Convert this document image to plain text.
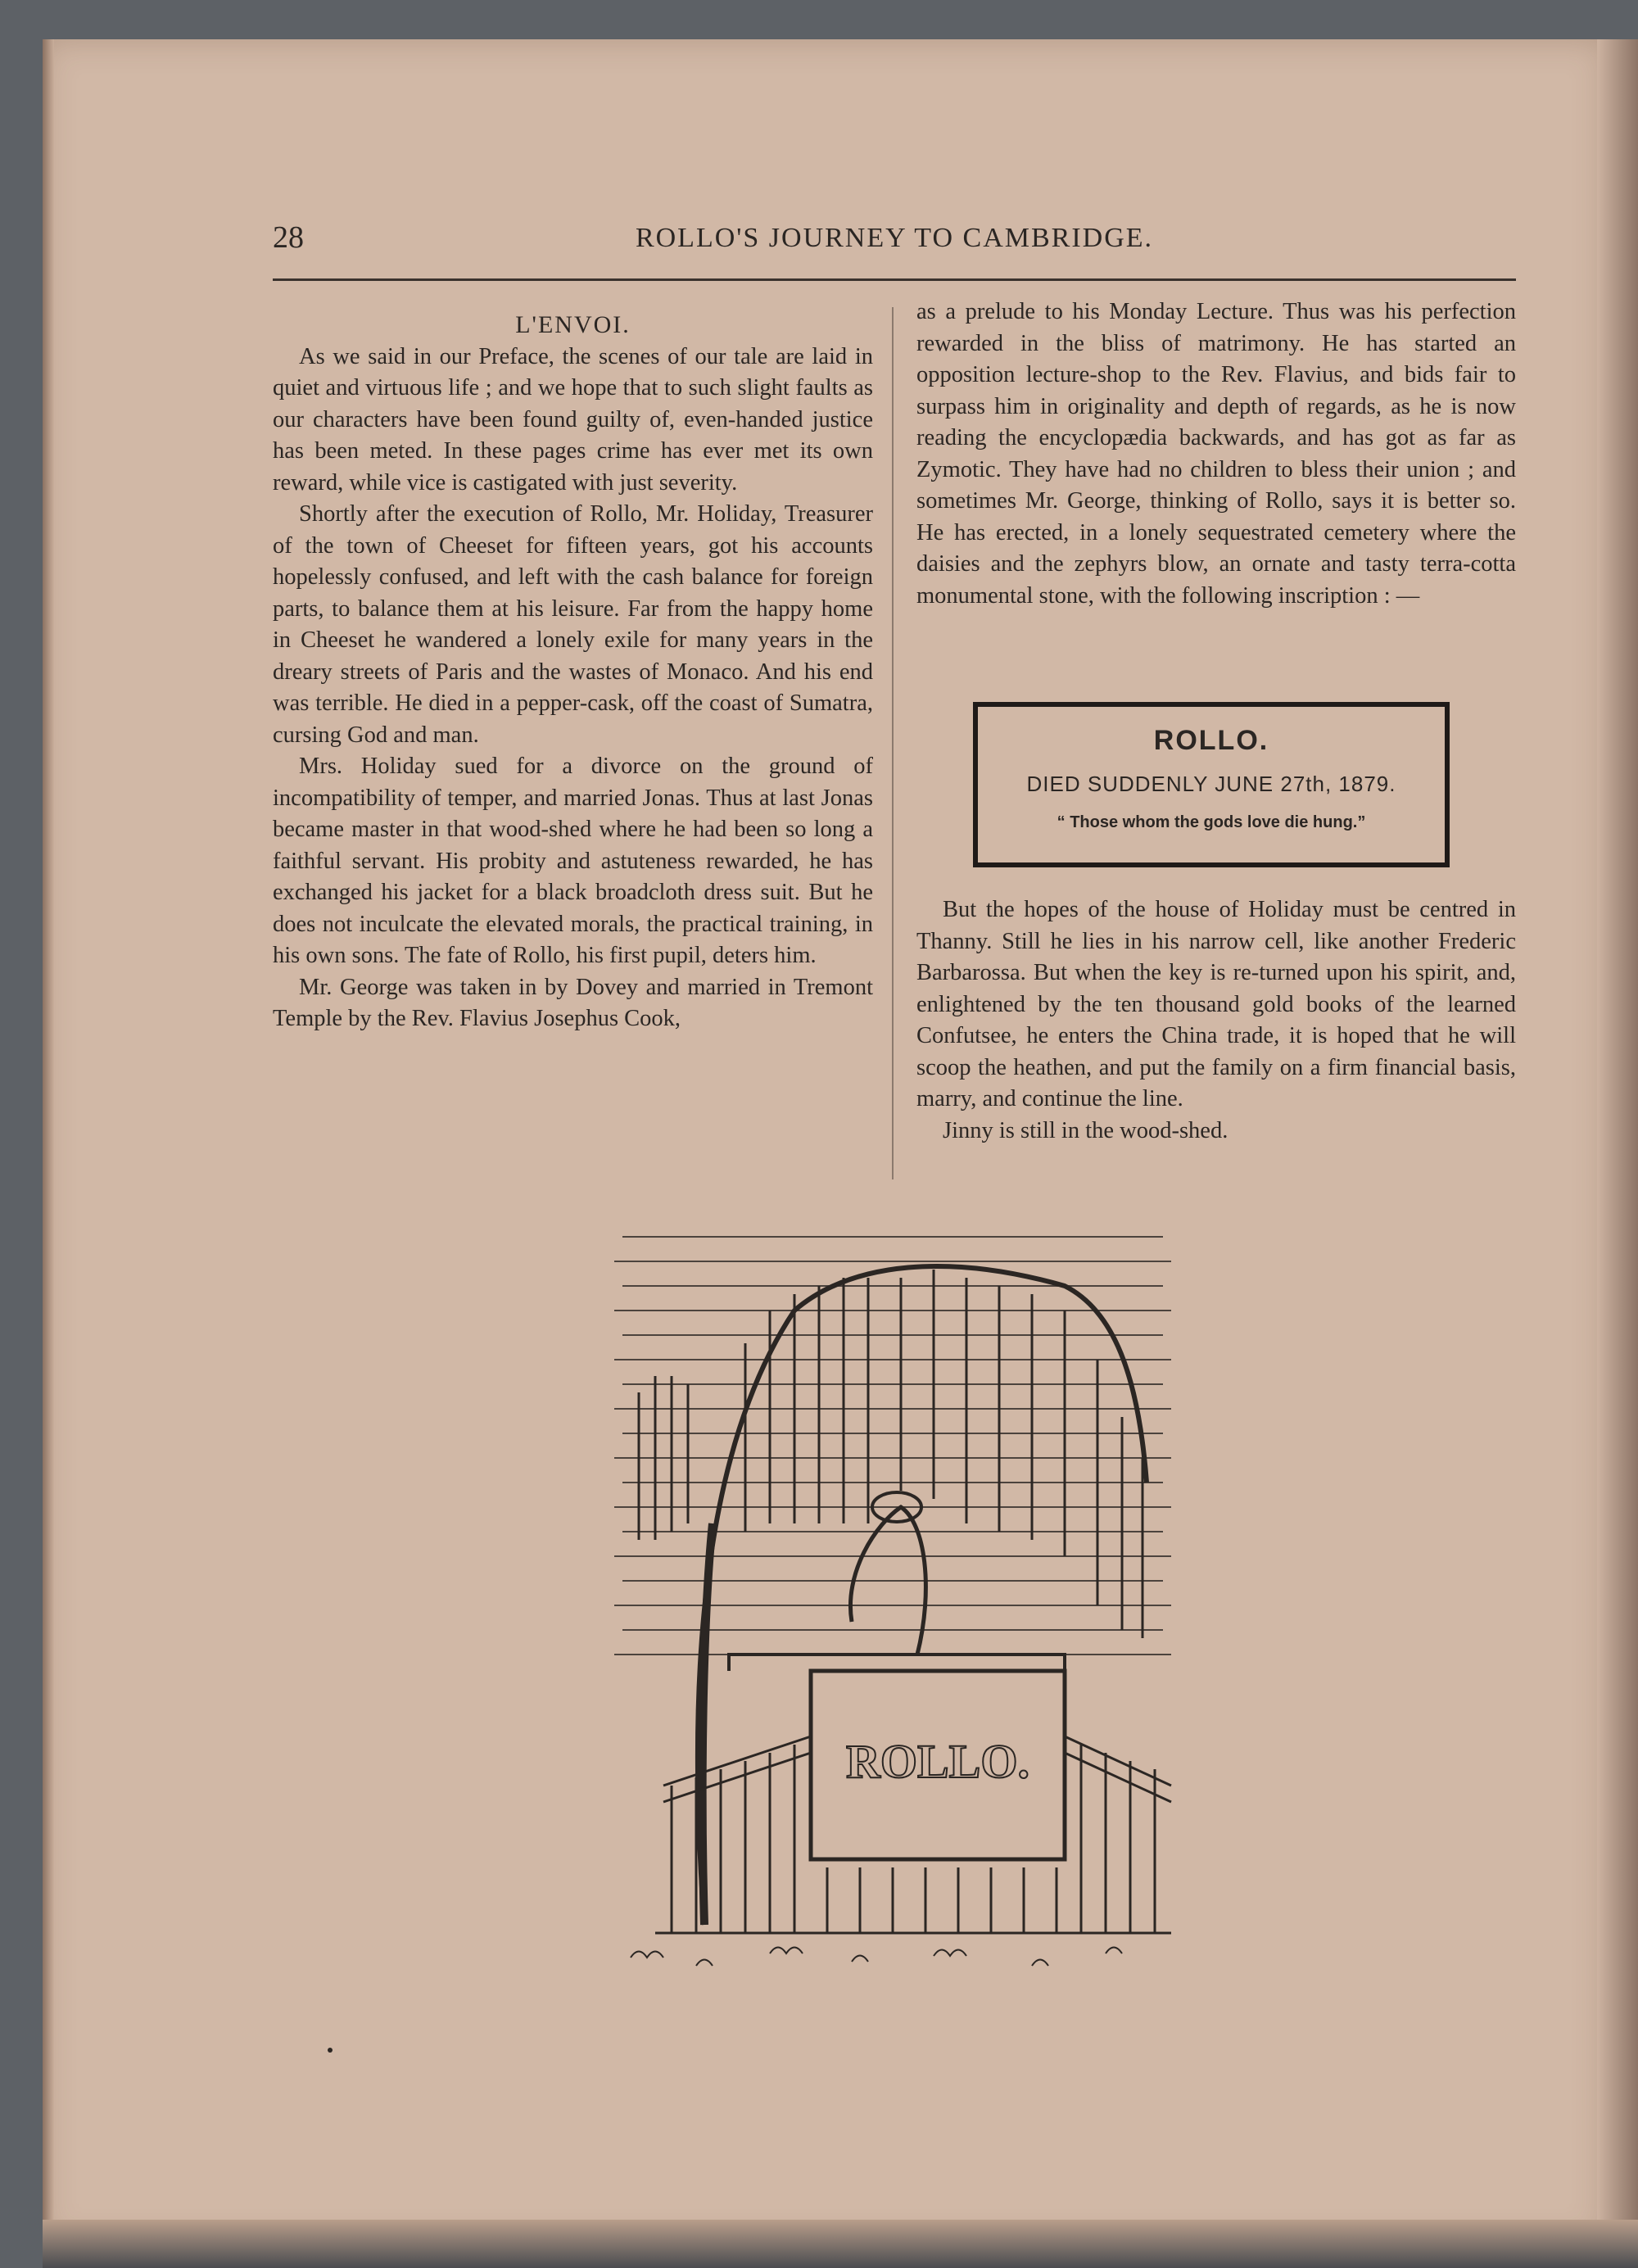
28	ROLLO'S JOURNEY TO CAMBRIDGE.

L'ENVOI.

As we said in our Preface, the scenes of our tale are laid in quiet and virtuous life ; and we hope that to such slight faults as our characters have been found guilty of, even-handed justice has been meted. In these pages crime has ever met its own reward, while vice is castigated with just severity.

Shortly after the execution of Rollo, Mr. Holiday, Treasurer of the town of Cheeset for fifteen years, got his accounts hopelessly confused, and left with the cash balance for foreign parts, to balance them at his leisure. Far from the happy home in Cheeset he wandered a lonely exile for many years in the dreary streets of Paris and the wastes of Monaco. And his end was terrible. He died in a pepper-cask, off the coast of Sumatra, cursing God and man.

Mrs. Holiday sued for a divorce on the ground of incompatibility of temper, and married Jonas. Thus at last Jonas became master in that wood-shed where he had been so long a faithful servant. His probity and astuteness rewarded, he has exchanged his jacket for a black broadcloth dress suit. But he does not inculcate the elevated morals, the practical training, in his own sons. The fate of Rollo, his first pupil, deters him.

Mr. George was taken in by Dovey and married in Tremont Temple by the Rev. Flavius Josephus Cook,

as a prelude to his Monday Lecture. Thus was his perfection rewarded in the bliss of matrimony. He has started an opposition lecture-shop to the Rev. Flavius, and bids fair to surpass him in originality and depth of regards, as he is now reading the encyclopædia backwards, and has got as far as Zymotic. They have had no children to bless their union ; and sometimes Mr. George, thinking of Rollo, says it is better so. He has erected, in a lonely sequestrated cemetery where the daisies and the zephyrs blow, an ornate and tasty terra-cotta monumental stone, with the following inscription : —

ROLLO.
DIED SUDDENLY JUNE 27th, 1879.
“ Those whom the gods love die hung.”

But the hopes of the house of Holiday must be centred in Thanny. Still he lies in his narrow cell, like another Frederic Barbarossa. But when the key is re-turned upon his spirit, and, enlightened by the ten thousand gold books of the learned Confutsee, he enters the China trade, it is hoped that he will scoop the heathen, and put the family on a firm financial basis, marry, and continue the line.

Jinny is still in the wood-shed.

ROLLO.
